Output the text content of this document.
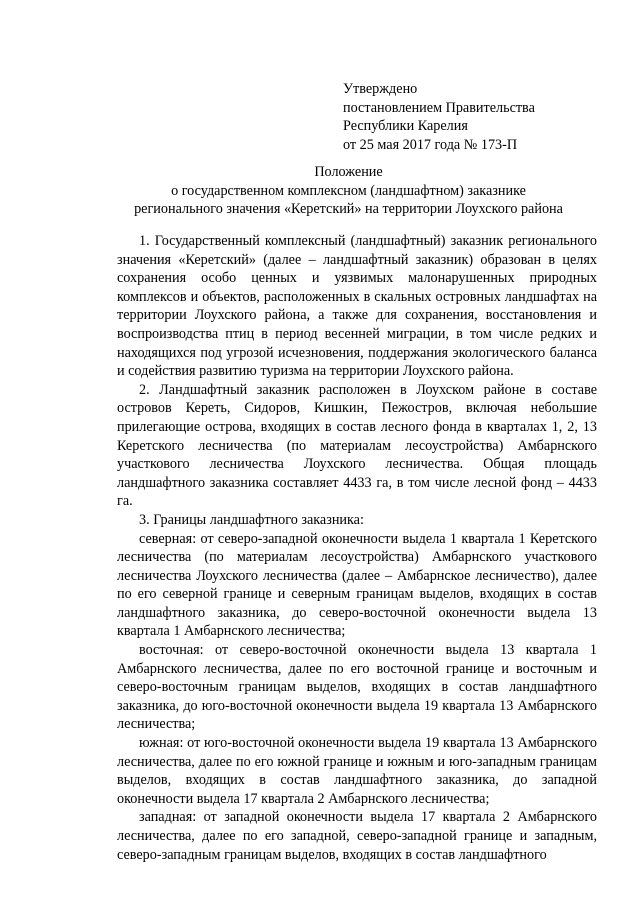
Утверждено
постановлением Правительства
Республики Карелия
от 25 мая 2017 года № 173-П
Положение
о государственном комплексном (ландшафтном) заказнике
регионального значения «Керетский» на территории Лоухского района

1. Государственный комплексный (ландшафтный) заказник регионального значения «Керетский» (далее – ландшафтный заказник) образован в целях сохранения особо ценных и уязвимых малонарушенных природных комплексов и объектов, расположенных в скальных островных ландшафтах на территории Лоухского района, а также для сохранения, восстановления и воспроизводства птиц в период весенней миграции, в том числе редких и находящихся под угрозой исчезновения, поддержания экологического баланса и содействия развитию туризма на территории Лоухского района.

2. Ландшафтный заказник расположен в Лоухском районе в составе островов Кереть, Сидоров, Кишкин, Пежостров, включая небольшие прилегающие острова, входящих в состав лесного фонда в кварталах 1, 2, 13 Керетского лесничества (по материалам лесоустройства) Амбарнского участкового лесничества Лоухского лесничества. Общая площадь ландшафтного заказника составляет 4433 га, в том числе лесной фонд – 4433 га.

3. Границы ландшафтного заказника:

северная: от северо-западной оконечности выдела 1 квартала 1 Керетского лесничества (по материалам лесоустройства) Амбарнского участкового лесничества Лоухского лесничества (далее – Амбарнское лесничество), далее по его северной границе и северным границам выделов, входящих в состав ландшафтного заказника, до северо-восточной оконечности выдела 13 квартала 1 Амбарнского лесничества;

восточная: от северо-восточной оконечности выдела 13 квартала 1 Амбарнского лесничества, далее по его восточной границе и восточным и северо-восточным границам выделов, входящих в состав ландшафтного заказника, до юго-восточной оконечности выдела 19 квартала 13 Амбарнского лесничества;

южная: от юго-восточной оконечности выдела 19 квартала 13 Амбарнского лесничества, далее по его южной границе и южным и юго-западным границам выделов, входящих в состав ландшафтного заказника, до западной оконечности выдела 17 квартала 2 Амбарнского лесничества;

западная: от западной оконечности выдела 17 квартала 2 Амбарнского лесничества, далее по его западной, северо-западной границе и западным, северо-западным границам выделов, входящих в состав ландшафтного
